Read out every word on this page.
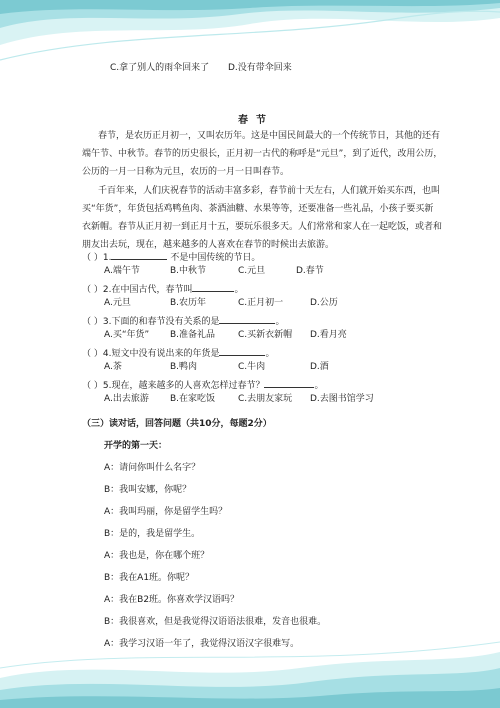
C.拿了别人的雨伞回来了 D.没有带伞回来
春节
春节，是农历正月初一，又叫农历年。这是中国民间最大的一个传统节日，其他的还有
端午节、中秋节。春节的历史很长，正月初一古代的称呼是“元旦”，到了近代，改用公历，
公历的一月一日称为元旦，农历的一月一日叫春节。
千百年来，人们庆祝春节的活动丰富多彩，春节前十天左右，人们就开始买东西，也叫
买“年货”，年货包括鸡鸭鱼肉、茶酒油糖、水果等等，还要准备一些礼品，小孩子要买新
衣新帽。春节从正月初一到正月十五，要玩乐很多天。人们常常和家人在一起吃饭，或者和
朋友出去玩，现在，越来越多的人喜欢在春节的时候出去旅游。
（ ）1.	不是中国传统的节日。
A.端午节	B.中秋节	C.元旦	D.春节
（ ）2.在中国古代，春节叫	。
A.元旦	B.农历年	C.正月初一	D.公历
（ ）3.下面的和春节没有关系的是	。
A.买“年货” B.准备礼品	C.买新衣新帽 D.看月亮
（ ）4.短文中没有说出来的年货是	。
A.茶	B.鸭肉	C.牛肉	D.酒
（ ）5.现在，越来越多的人喜欢怎样过春节？	。
A.出去旅游 B.在家吃饭	C.去朋友家玩 D.去图书馆学习
（三）读对话，回答问题（共10分，每题2分）
开学的第一天：
A：请问你叫什么名字？
B：我叫安娜，你呢？
A：我叫玛丽，你是留学生吗？
B：是的，我是留学生。
A：我也是，你在哪个班？
B：我在A1班。你呢？
A：我在B2班。你喜欢学汉语吗？
B：我很喜欢，但是我觉得汉语语法很难，发音也很难。
A：我学习汉语一年了，我觉得汉语汉字很难写。
